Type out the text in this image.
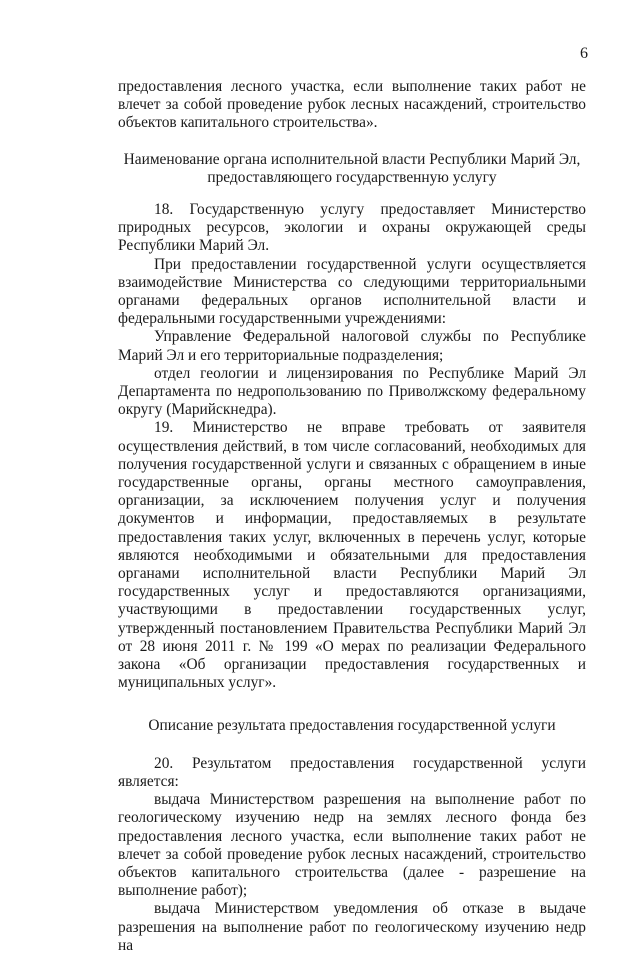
6

предоставления лесного участка, если выполнение таких работ не влечет за собой проведение рубок лесных насаждений, строительство объектов капитального строительства».

Наименование органа исполнительной власти Республики Марий Эл, предоставляющего государственную услугу

18. Государственную услугу предоставляет Министерство природных ресурсов, экологии и охраны окружающей среды Республики Марий Эл.

При предоставлении государственной услуги осуществляется взаимодействие Министерства со следующими территориальными органами федеральных органов исполнительной власти и федеральными государственными учреждениями:

Управление Федеральной налоговой службы по Республике Марий Эл и его территориальные подразделения;

отдел геологии и лицензирования по Республике Марий Эл Департамента по недропользованию по Приволжскому федеральному округу (Марийскнедра).

19. Министерство не вправе требовать от заявителя осуществления действий, в том числе согласований, необходимых для получения государственной услуги и связанных с обращением в иные государственные органы, органы местного самоуправления, организации, за исключением получения услуг и получения документов и информации, предоставляемых в результате предоставления таких услуг, включенных в перечень услуг, которые являются необходимыми и обязательными для предоставления органами исполнительной власти Республики Марий Эл государственных услуг и предоставляются организациями, участвующими в предоставлении государственных услуг, утвержденный постановлением Правительства Республики Марий Эл от 28 июня 2011 г. № 199 «О мерах по реализации Федерального закона «Об организации предоставления государственных и муниципальных услуг».

Описание результата предоставления государственной услуги

20. Результатом предоставления государственной услуги является:

выдача Министерством разрешения на выполнение работ по геологическому изучению недр на землях лесного фонда без предоставления лесного участка, если выполнение таких работ не влечет за собой проведение рубок лесных насаждений, строительство объектов капитального строительства (далее - разрешение на выполнение работ);

выдача Министерством уведомления об отказе в выдаче разрешения на выполнение работ по геологическому изучению недр на
